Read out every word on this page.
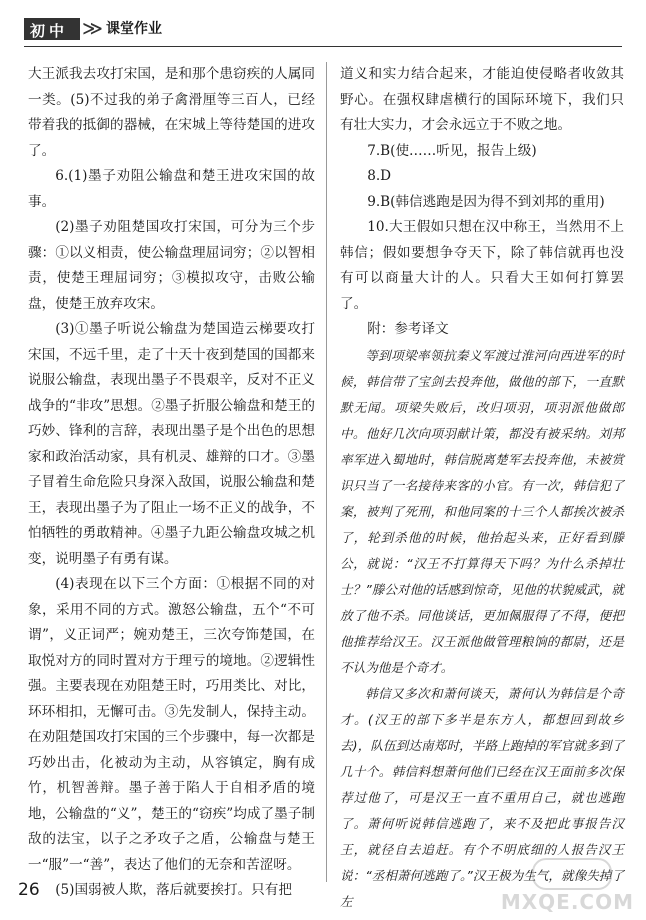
初中 ≫ 课堂作业

大王派我去攻打宋国，是和那个患窃疾的人属同一类。(5)不过我的弟子禽滑厘等三百人，已经带着我的抵御的器械，在宋城上等待楚国的进攻了。

6.(1)墨子劝阻公输盘和楚王进攻宋国的故事。

(2)墨子劝阻楚国攻打宋国，可分为三个步骤：①以义相责，使公输盘理屈词穷；②以智相责，使楚王理屈词穷；③模拟攻守，击败公输盘，使楚王放弃攻宋。

(3)①墨子听说公输盘为楚国造云梯要攻打宋国，不远千里，走了十天十夜到楚国的国都来说服公输盘，表现出墨子不畏艰辛，反对不正义战争的“非攻”思想。②墨子折服公输盘和楚王的巧妙、锋利的言辞，表现出墨子是个出色的思想家和政治活动家，具有机灵、雄辩的口才。③墨子冒着生命危险只身深入敌国，说服公输盘和楚王，表现出墨子为了阻止一场不正义的战争，不怕牺牲的勇敢精神。④墨子九距公输盘攻城之机变，说明墨子有勇有谋。

(4)表现在以下三个方面：①根据不同的对象，采用不同的方式。激怒公输盘，五个“不可谓”，义正词严；婉劝楚王，三次夸饰楚国，在取悦对方的同时置对方于理亏的境地。②逻辑性强。主要表现在劝阻楚王时，巧用类比、对比，环环相扣，无懈可击。③先发制人，保持主动。在劝阻楚国攻打宋国的三个步骤中，每一次都是巧妙出击，化被动为主动，从容镇定，胸有成竹，机智善辩。墨子善于陷人于自相矛盾的境地，公输盘的“义”，楚王的“窃疾”均成了墨子制敌的法宝，以子之矛攻子之盾，公输盘与楚王一“服”一“善”，表达了他们的无奈和苦涩呀。

(5)国弱被人欺，落后就要挨打。只有把

道义和实力结合起来，才能迫使侵略者收敛其野心。在强权肆虐横行的国际环境下，我们只有壮大实力，才会永远立于不败之地。

7.B(使……听见，报告上级)

8.D

9.B(韩信逃跑是因为得不到刘邦的重用)

10.大王假如只想在汉中称王，当然用不上韩信；假如要想争夺天下，除了韩信就再也没有可以商量大计的人。只看大王如何打算罢了。

附：参考译文

等到项梁率领抗秦义军渡过淮河向西进军的时候，韩信带了宝剑去投奔他，做他的部下，一直默默无闻。项梁失败后，改归项羽，项羽派他做郎中。他好几次向项羽献计策，都没有被采纳。刘邦率军进入蜀地时，韩信脱离楚军去投奔他，未被赏识只当了一名接待来客的小官。有一次，韩信犯了案，被判了死刑，和他同案的十三个人都挨次被杀了，轮到杀他的时候，他抬起头来，正好看到滕公，就说：“汉王不打算得天下吗？为什么杀掉壮士？”滕公对他的话感到惊奇，见他的状貌威武，就放了他不杀。同他谈话，更加佩服得了不得，便把他推荐给汉王。汉王派他做管理粮饷的都尉，还是不认为他是个奇才。

韩信又多次和萧何谈天，萧何认为韩信是个奇才。(汉王的部下多半是东方人，都想回到故乡去)，队伍到达南郑时，半路上跑掉的军官就多到了几十个。韩信料想萧何他们已经在汉王面前多次保荐过他了，可是汉王一直不重用自己，就也逃跑了。萧何听说韩信逃跑了，来不及把此事报告汉王，就径自去追赶。有个不明底细的人报告汉王说：“丞相萧何逃跑了。”汉王极为生气，就像失掉了左

26	MXQE.COM
